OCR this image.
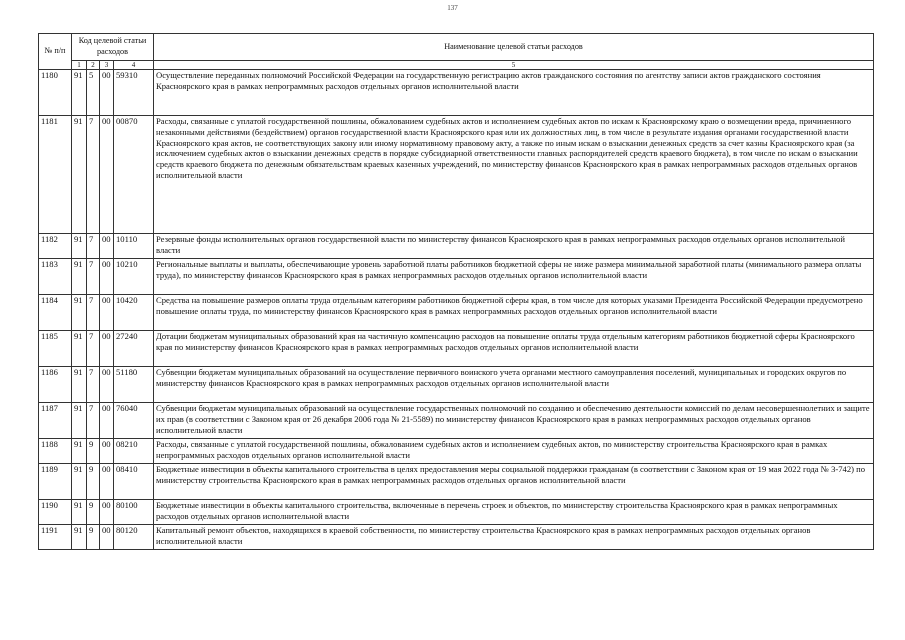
137
№ п/п	Код целевой статьи расходов				Наименование целевой статьи расходов
	1	2	3	4	5
1180	91	5	00	59310	Осуществление переданных полномочий Российской Федерации на государственную регистрацию актов гражданского состояния по агентству записи актов гражданского состояния Красноярского края в рамках непрограммных расходов отдельных органов исполнительной власти
1181	91	7	00	00870	Расходы, связанные с уплатой государственной пошлины, обжалованием судебных актов и исполнением судебных актов по искам к Красноярскому краю о возмещении вреда, причиненного незаконными действиями (бездействием) органов государственной власти Красноярского края или их должностных лиц, в том числе в результате издания органами государственной власти Красноярского края актов, не соответствующих закону или иному нормативному правовому акту, а также по иным искам о взыскании денежных средств за счет казны Красноярского края (за исключением судебных актов о взыскании денежных средств в порядке субсидиарной ответственности главных распорядителей средств краевого бюджета), в том числе по искам о взыскании средств краевого бюджета по денежным обязательствам краевых казенных учреждений, по министерству финансов Красноярского края в рамках непрограммных расходов отдельных органов исполнительной власти
1182	91	7	00	10110	Резервные фонды исполнительных органов государственной власти по министерству финансов Красноярского края в рамках непрограммных расходов отдельных органов исполнительной власти
1183	91	7	00	10210	Региональные выплаты и выплаты, обеспечивающие уровень заработной платы работников бюджетной сферы не ниже размера минимальной заработной платы (минимального размера оплаты труда), по министерству финансов Красноярского края в рамках непрограммных расходов отдельных органов исполнительной власти
1184	91	7	00	10420	Средства на повышение размеров оплаты труда отдельным категориям работников бюджетной сферы края, в том числе для которых указами Президента Российской Федерации предусмотрено повышение оплаты труда, по министерству финансов Красноярского края в рамках непрограммных расходов отдельных органов исполнительной власти
1185	91	7	00	27240	Дотации бюджетам муниципальных образований края на частичную компенсацию расходов на повышение оплаты труда отдельным категориям работников бюджетной сферы Красноярского края по министерству финансов Красноярского края в рамках непрограммных расходов отдельных органов исполнительной власти
1186	91	7	00	51180	Субвенции бюджетам муниципальных образований на осуществление первичного воинского учета органами местного самоуправления поселений, муниципальных и городских округов по министерству финансов Красноярского края в рамках непрограммных расходов отдельных органов исполнительной власти
1187	91	7	00	76040	Субвенции бюджетам муниципальных образований на осуществление государственных полномочий по созданию и обеспечению деятельности комиссий по делам несовершеннолетних и защите их прав (в соответствии с Законом края от 26 декабря 2006 года № 21-5589) по министерству финансов Красноярского края в рамках непрограммных расходов отдельных органов исполнительной власти
1188	91	9	00	08210	Расходы, связанные с уплатой государственной пошлины, обжалованием судебных актов и исполнением судебных актов, по министерству строительства Красноярского края в рамках непрограммных расходов отдельных органов исполнительной власти
1189	91	9	00	08410	Бюджетные инвестиции в объекты капитального строительства в целях предоставления меры социальной поддержки гражданам (в соответствии с Законом края от 19 мая 2022 года № 3-742) по министерству строительства Красноярского края в рамках непрограммных расходов отдельных органов исполнительной власти
1190	91	9	00	80100	Бюджетные инвестиции в объекты капитального строительства, включенные в перечень строек и объектов, по министерству строительства Красноярского края в рамках непрограммных расходов отдельных органов исполнительной власти
1191	91	9	00	80120	Капитальный ремонт объектов, находящихся в краевой собственности, по министерству строительства Красноярского края в рамках непрограммных расходов отдельных органов исполнительной власти
